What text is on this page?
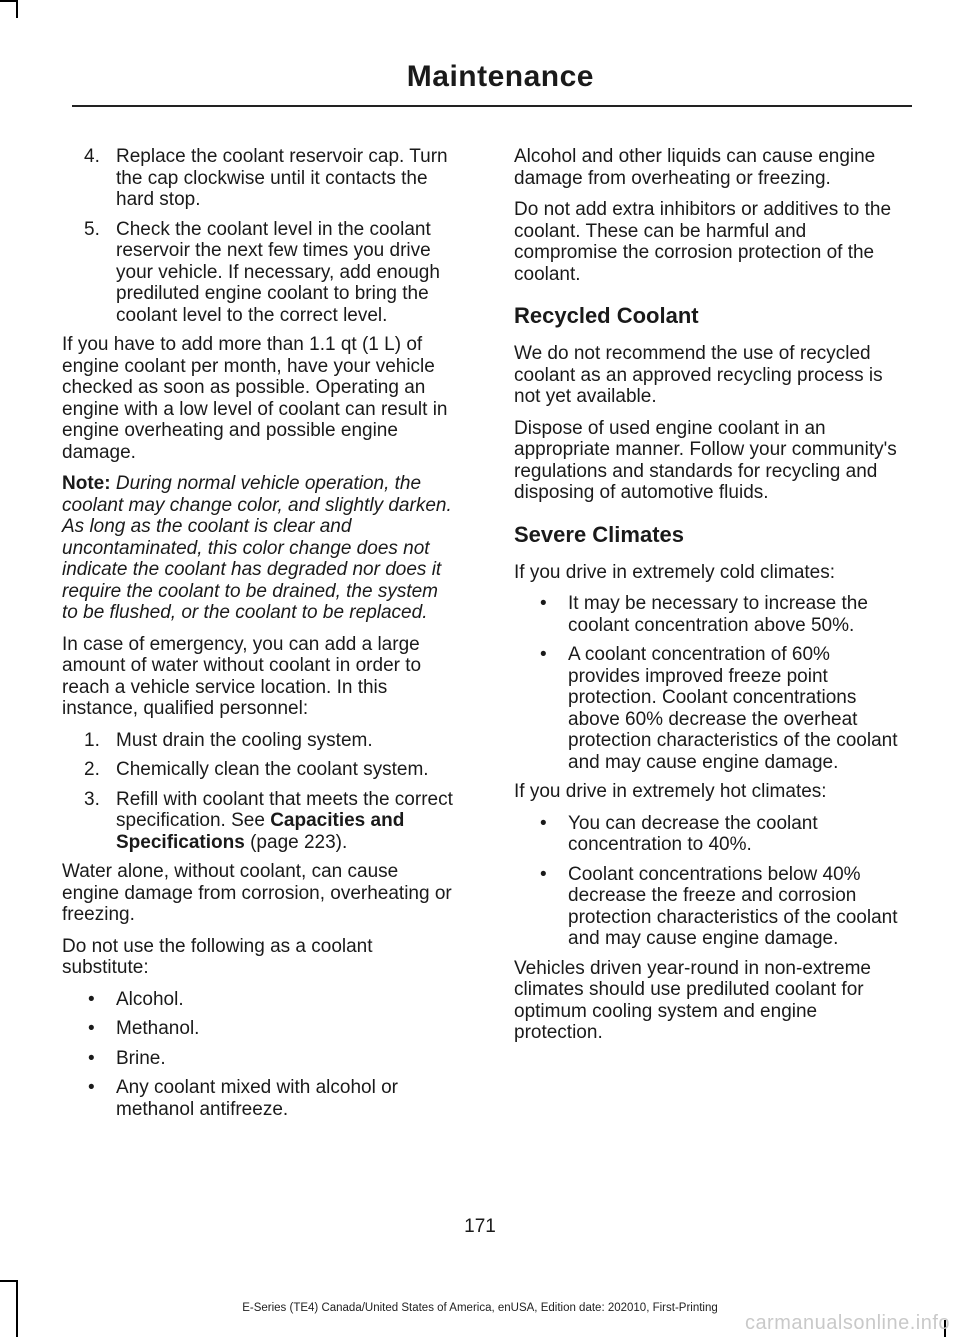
Maintenance
4. Replace the coolant reservoir cap. Turn the cap clockwise until it contacts the hard stop.
5. Check the coolant level in the coolant reservoir the next few times you drive your vehicle. If necessary, add enough prediluted engine coolant to bring the coolant level to the correct level.

If you have to add more than 1.1 qt (1 L) of engine coolant per month, have your vehicle checked as soon as possible. Operating an engine with a low level of coolant can result in engine overheating and possible engine damage.

Note: During normal vehicle operation, the coolant may change color, and slightly darken. As long as the coolant is clear and uncontaminated, this color change does not indicate the coolant has degraded nor does it require the coolant to be drained, the system to be flushed, or the coolant to be replaced.

In case of emergency, you can add a large amount of water without coolant in order to reach a vehicle service location. In this instance, qualified personnel:

1. Must drain the cooling system.
2. Chemically clean the coolant system.
3. Refill with coolant that meets the correct specification. See Capacities and Specifications (page 223).

Water alone, without coolant, can cause engine damage from corrosion, overheating or freezing.

Do not use the following as a coolant substitute:

• Alcohol.
• Methanol.
• Brine.
• Any coolant mixed with alcohol or methanol antifreeze.

Alcohol and other liquids can cause engine damage from overheating or freezing.

Do not add extra inhibitors or additives to the coolant. These can be harmful and compromise the corrosion protection of the coolant.

Recycled Coolant

We do not recommend the use of recycled coolant as an approved recycling process is not yet available.

Dispose of used engine coolant in an appropriate manner. Follow your community's regulations and standards for recycling and disposing of automotive fluids.

Severe Climates

If you drive in extremely cold climates:

• It may be necessary to increase the coolant concentration above 50%.
• A coolant concentration of 60% provides improved freeze point protection. Coolant concentrations above 60% decrease the overheat protection characteristics of the coolant and may cause engine damage.

If you drive in extremely hot climates:

• You can decrease the coolant concentration to 40%.
• Coolant concentrations below 40% decrease the freeze and corrosion protection characteristics of the coolant and may cause engine damage.

Vehicles driven year-round in non-extreme climates should use prediluted coolant for optimum cooling system and engine protection.

171
E-Series (TE4) Canada/United States of America, enUSA, Edition date: 202010, First-Printing
carmanualsonline.info
